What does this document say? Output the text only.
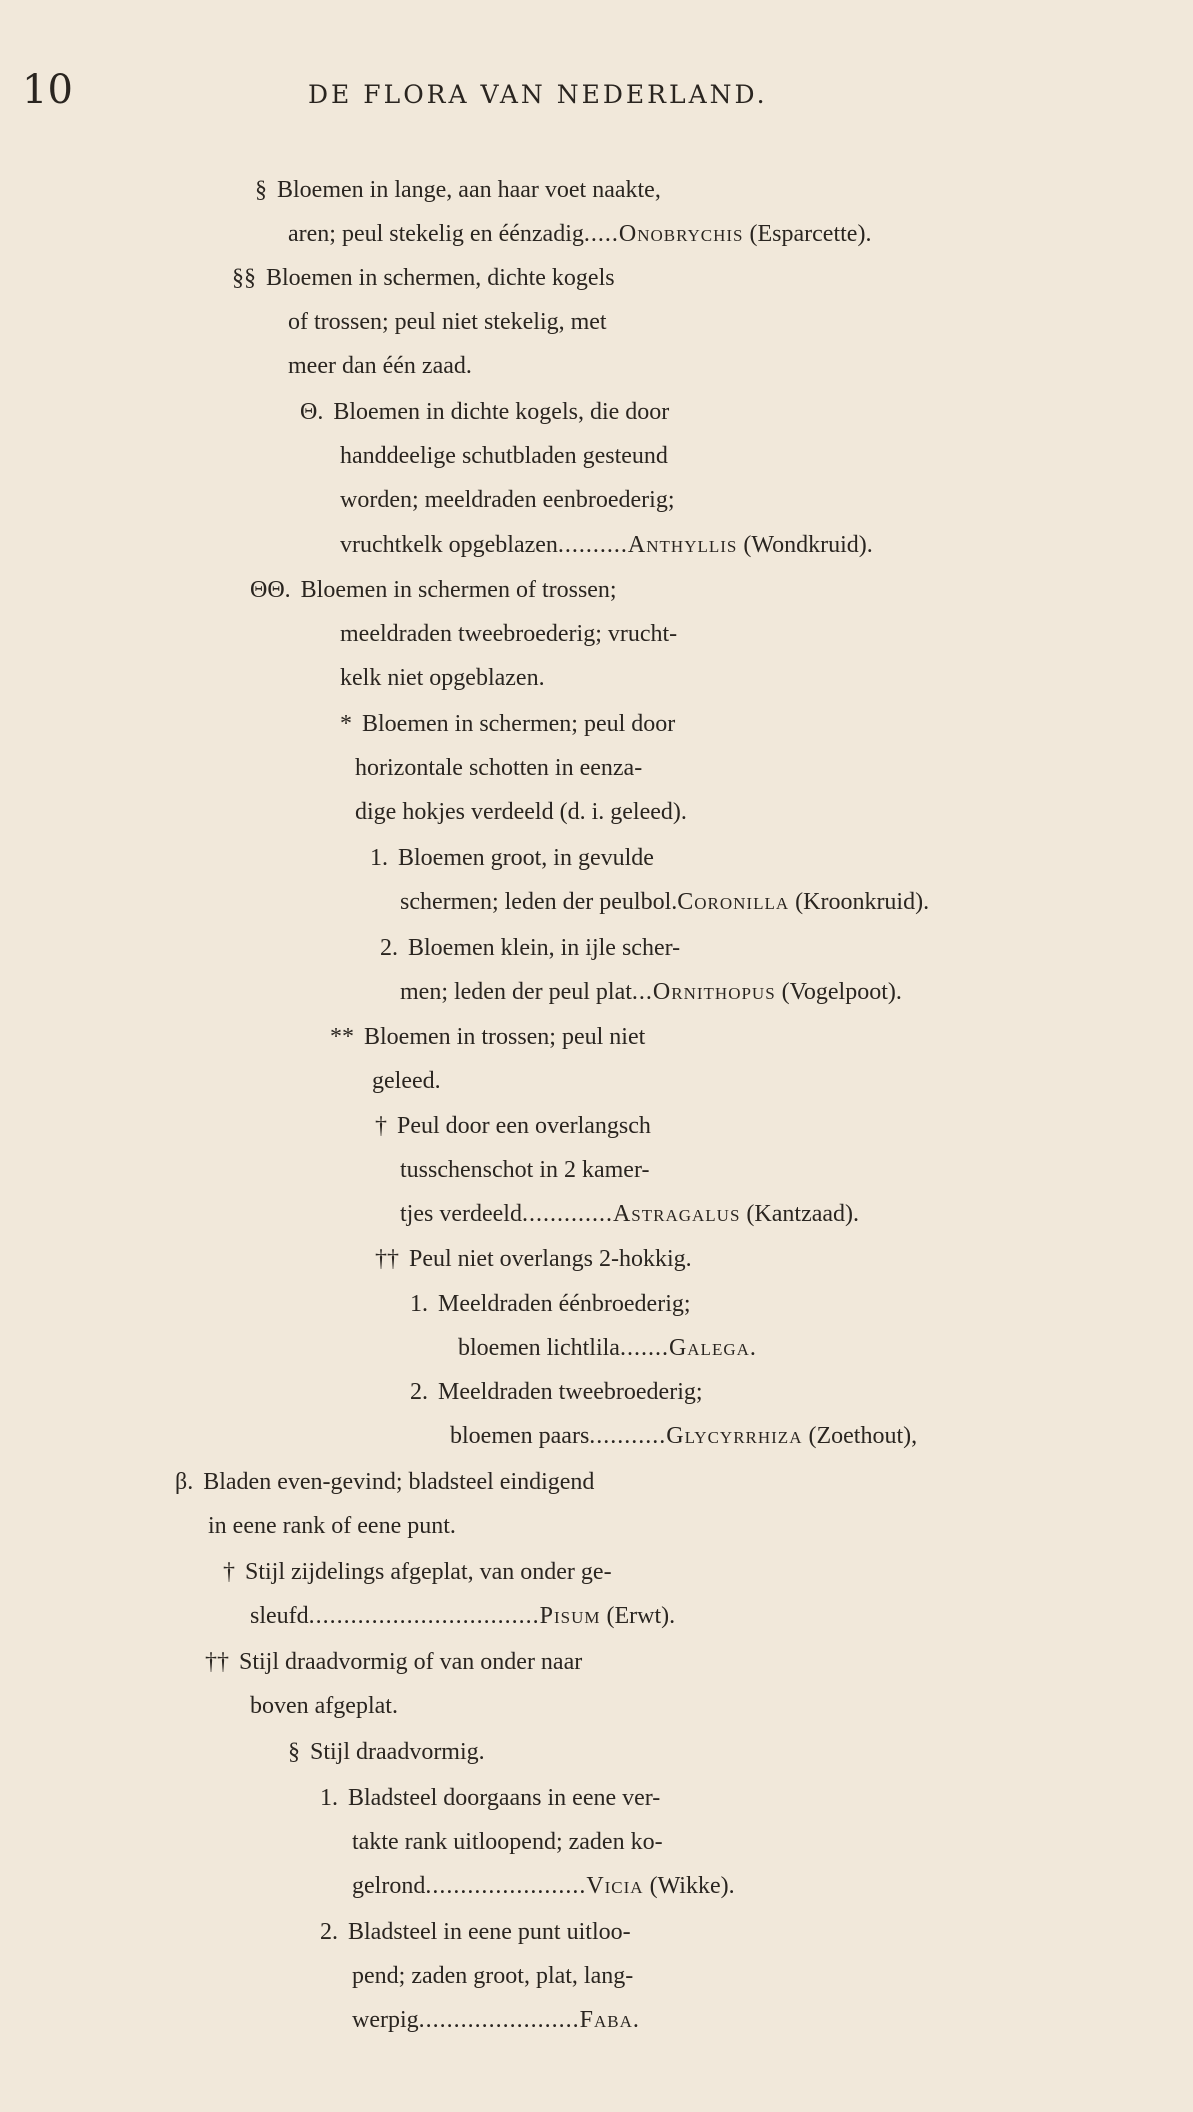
10	DE FLORA VAN NEDERLAND.
§ Bloemen in lange, aan haar voet naakte,
aren; peul stekelig en éénzadig.....Onobrychis (Esparcette).
§§ Bloemen in schermen, dichte kogels
of trossen; peul niet stekelig, met
meer dan één zaad.
Θ. Bloemen in dichte kogels, die door
handdeelige schutbladen gesteund
worden; meeldraden eenbroederig;
vruchtkelk opgeblazen..........Anthyllis (Wondkruid).
ΘΘ. Bloemen in schermen of trossen;
meeldraden tweebroederig; vrucht-
kelk niet opgeblazen.
* Bloemen in schermen; peul door
horizontale schotten in eenza-
dige hokjes verdeeld (d. i. geleed).
1. Bloemen groot, in gevulde
schermen; leden der peulbol.Coronilla (Kroonkruid).
2. Bloemen klein, in ijle scher-
men; leden der peul plat...Ornithopus (Vogelpoot).
** Bloemen in trossen; peul niet
geleed.
† Peul door een overlangsch
tusschenschot in 2 kamer-
tjes verdeeld.............Astragalus (Kantzaad).
†† Peul niet overlangs 2-hokkig.
1. Meeldraden éénbroederig;
bloemen lichtlila.......Galega.
2. Meeldraden tweebroederig;
bloemen paars...........Glycyrrhiza (Zoethout),
β. Bladen even-gevind; bladsteel eindigend
in eene rank of eene punt.
† Stijl zijdelings afgeplat, van onder ge-
sleufd.................................Pisum (Erwt).
†† Stijl draadvormig of van onder naar
boven afgeplat.
§ Stijl draadvormig.
1. Bladsteel doorgaans in eene ver-
takte rank uitloopend; zaden ko-
gelrond.......................Vicia (Wikke).
2. Bladsteel in eene punt uitloo-
pend; zaden groot, plat, lang-
werpig.......................Faba.
